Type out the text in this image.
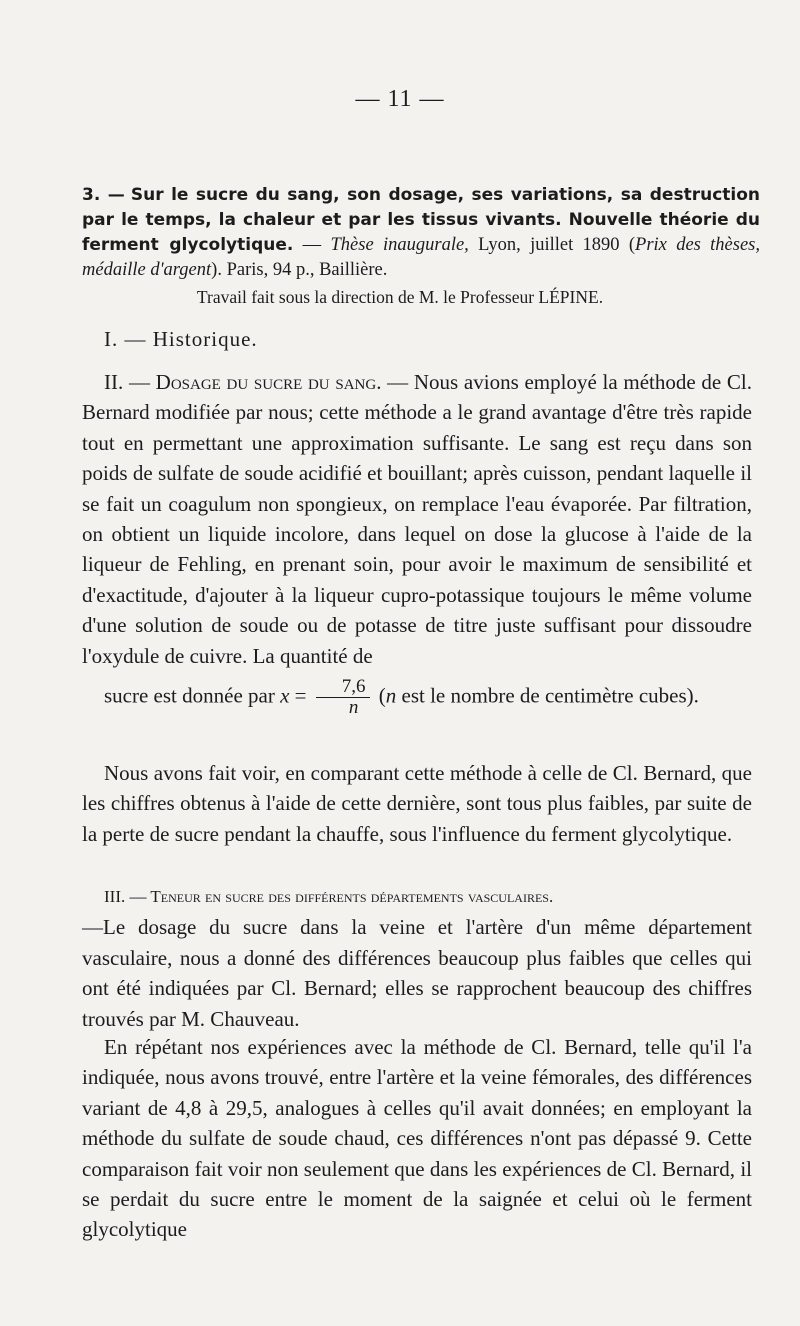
— 11 —
3. — Sur le sucre du sang, son dosage, ses variations, sa destruction par le temps, la chaleur et par les tissus vivants. Nouvelle théorie du ferment glycolytique. — Thèse inaugurale, Lyon, juillet 1890 (Prix des thèses, médaille d'argent). Paris, 94 p., Baillière.
Travail fait sous la direction de M. le Professeur LÉPINE.
I. — Historique.
II. — Dosage du sucre du sang. — Nous avions employé la méthode de Cl. Bernard modifiée par nous; cette méthode a le grand avantage d'être très rapide tout en permettant une approximation suffisante. Le sang est reçu dans son poids de sulfate de soude acidifié et bouillant; après cuisson, pendant laquelle il se fait un coagulum non spongieux, on remplace l'eau évaporée. Par filtration, on obtient un liquide incolore, dans lequel on dose la glucose à l'aide de la liqueur de Fehling, en prenant soin, pour avoir le maximum de sensibilité et d'exactitude, d'ajouter à la liqueur cupro-potassique toujours le même volume d'une solution de soude ou de potasse de titre juste suffisant pour dissoudre l'oxydule de cuivre. La quantité de
sucre est donnée par $x = \frac{7,6}{n} (n$ est le nombre de centimètre cubes).
Nous avons fait voir, en comparant cette méthode à celle de Cl. Bernard, que les chiffres obtenus à l'aide de cette dernière, sont tous plus faibles, par suite de la perte de sucre pendant la chauffe, sous l'influence du ferment glycolytique.
III. — Teneur en sucre des différents départements vasculaires.
—Le dosage du sucre dans la veine et l'artère d'un même département vasculaire, nous a donné des différences beaucoup plus faibles que celles qui ont été indiquées par Cl. Bernard; elles se rapprochent beaucoup des chiffres trouvés par M. Chauveau.
En répétant nos expériences avec la méthode de Cl. Bernard, telle qu'il l'a indiquée, nous avons trouvé, entre l'artère et la veine fémorales, des différences variant de 4,8 à 29,5, analogues à celles qu'il avait données; en employant la méthode du sulfate de soude chaud, ces différences n'ont pas dépassé 9. Cette comparaison fait voir non seulement que dans les expériences de Cl. Bernard, il se perdait du sucre entre le moment de la saignée et celui où le ferment glycolytique
